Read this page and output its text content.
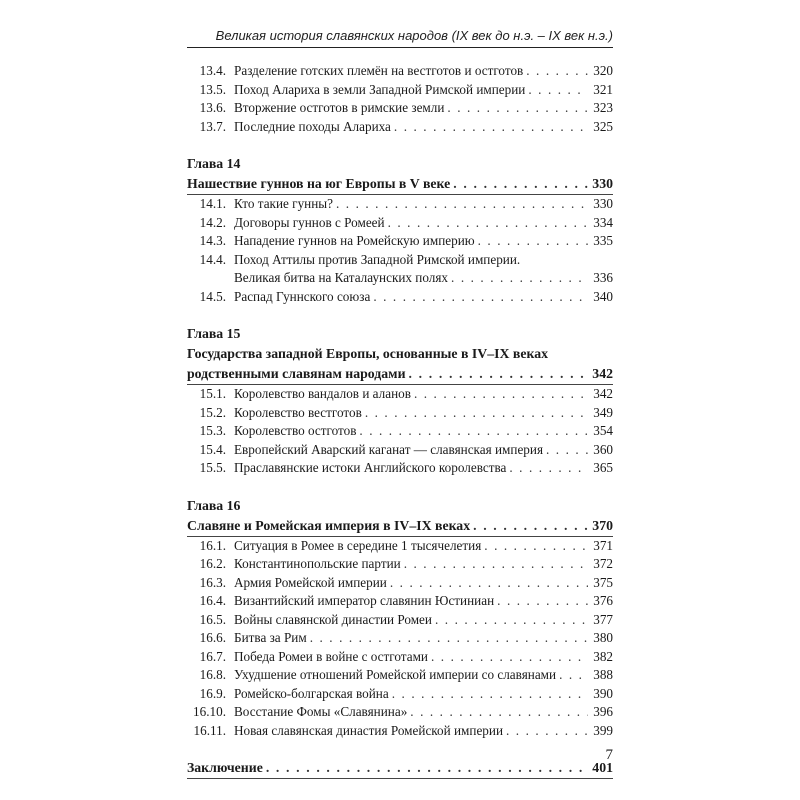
Великая история славянских народов (IX век до н.э. – IX век н.э.)
13.4. Разделение готских племён на вестготов и остготов . . .	320
13.5. Поход Алариха в земли Западной Римской империи . . .	321
13.6. Вторжение остготов в римские земли . . .	323
13.7. Последние походы Алариха . . .	325
Глава 14
Нашествие гуннов на юг Европы в V веке . . .	330
14.1. Кто такие гунны? . . .	330
14.2. Договоры гуннов с Ромеей . . .	334
14.3. Нападение гуннов на Ромейскую империю . . .	335
14.4. Поход Аттилы против Западной Римской империи.
Великая битва на Каталаунских полях . . .	336
14.5. Распад Гуннского союза . . .	340
Глава 15
Государства западной Европы, основанные в IV–IX веках
родственными славянам народами . . .	342
15.1. Королевство вандалов и аланов . . .	342
15.2. Королевство вестготов . . .	349
15.3. Королевство остготов . . .	354
15.4. Европейский Аварский каганат — славянская империя . . .	360
15.5. Праславянские истоки Английского королевства . . .	365
Глава 16
Славяне и Ромейская империя в IV–IX веках . . .	370
16.1. Ситуация в Ромее в середине 1 тысячелетия . . .	371
16.2. Константинопольские партии . . .	372
16.3. Армия Ромейской империи . . .	375
16.4. Византийский император славянин Юстиниан . . .	376
16.5. Войны славянской династии Ромеи . . .	377
16.6. Битва за Рим . . .	380
16.7. Победа Ромеи в войне с остготами . . .	382
16.8. Ухудшение отношений Ромейской империи со славянами . . .	388
16.9. Ромейско-болгарская война . . .	390
16.10. Восстание Фомы «Славянина» . . .	396
16.11. Новая славянская династия Ромейской империи . . .	399
Заключение . . .	401
7
